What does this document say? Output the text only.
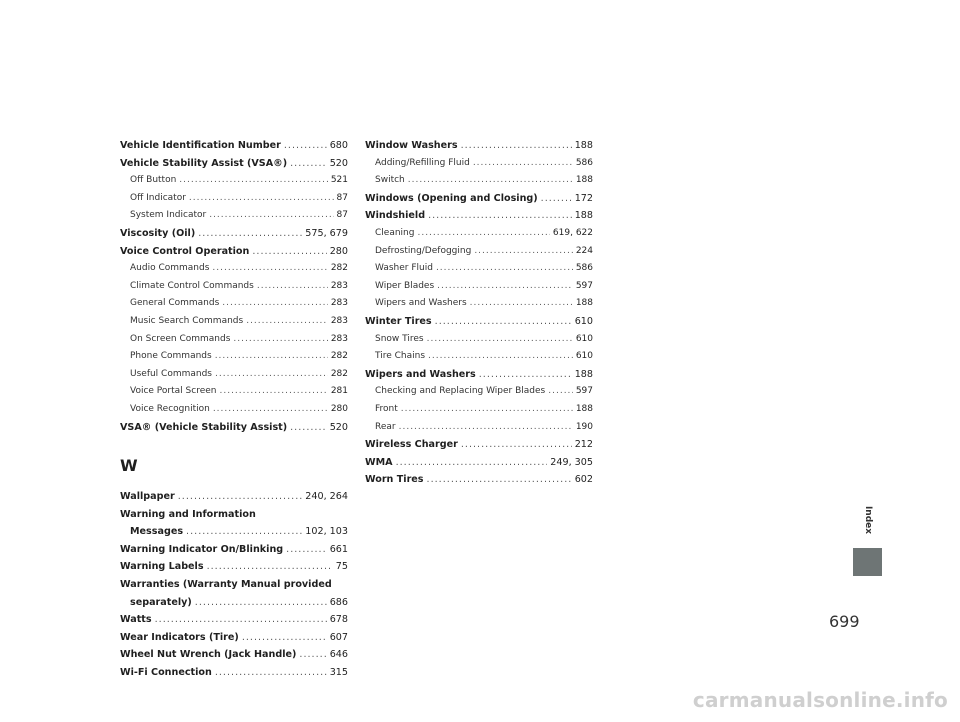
Vehicle Identification Number .....	680
Vehicle Stability Assist (VSA®) .....	520
Off Button .....	521
Off Indicator .....	87
System Indicator .....	87
Viscosity (Oil) .....	575, 679
Voice Control Operation .....	280
Audio Commands .....	282
Climate Control Commands .....	283
General Commands .....	283
Music Search Commands .....	283
On Screen Commands .....	283
Phone Commands .....	282
Useful Commands .....	282
Voice Portal Screen .....	281
Voice Recognition .....	280
VSA® (Vehicle Stability Assist) .....	520
W
Wallpaper .....	240, 264
Warning and Information
Messages .....	102, 103
Warning Indicator On/Blinking .....	661
Warning Labels .....	75
Warranties (Warranty Manual provided
separately) .....	686
Watts .....	678
Wear Indicators (Tire) .....	607
Wheel Nut Wrench (Jack Handle) .....	646
Wi-Fi Connection .....	315
Window Washers .....	188
Adding/Refilling Fluid .....	586
Switch .....	188
Windows (Opening and Closing) .....	172
Windshield .....	188
Cleaning .....	619, 622
Defrosting/Defogging .....	224
Washer Fluid .....	586
Wiper Blades .....	597
Wipers and Washers .....	188
Winter Tires .....	610
Snow Tires .....	610
Tire Chains .....	610
Wipers and Washers .....	188
Checking and Replacing Wiper Blades .....	597
Front .....	188
Rear .....	190
Wireless Charger .....	212
WMA .....	249, 305
Worn Tires .....	602
Index
699
carmanualsonline.info
